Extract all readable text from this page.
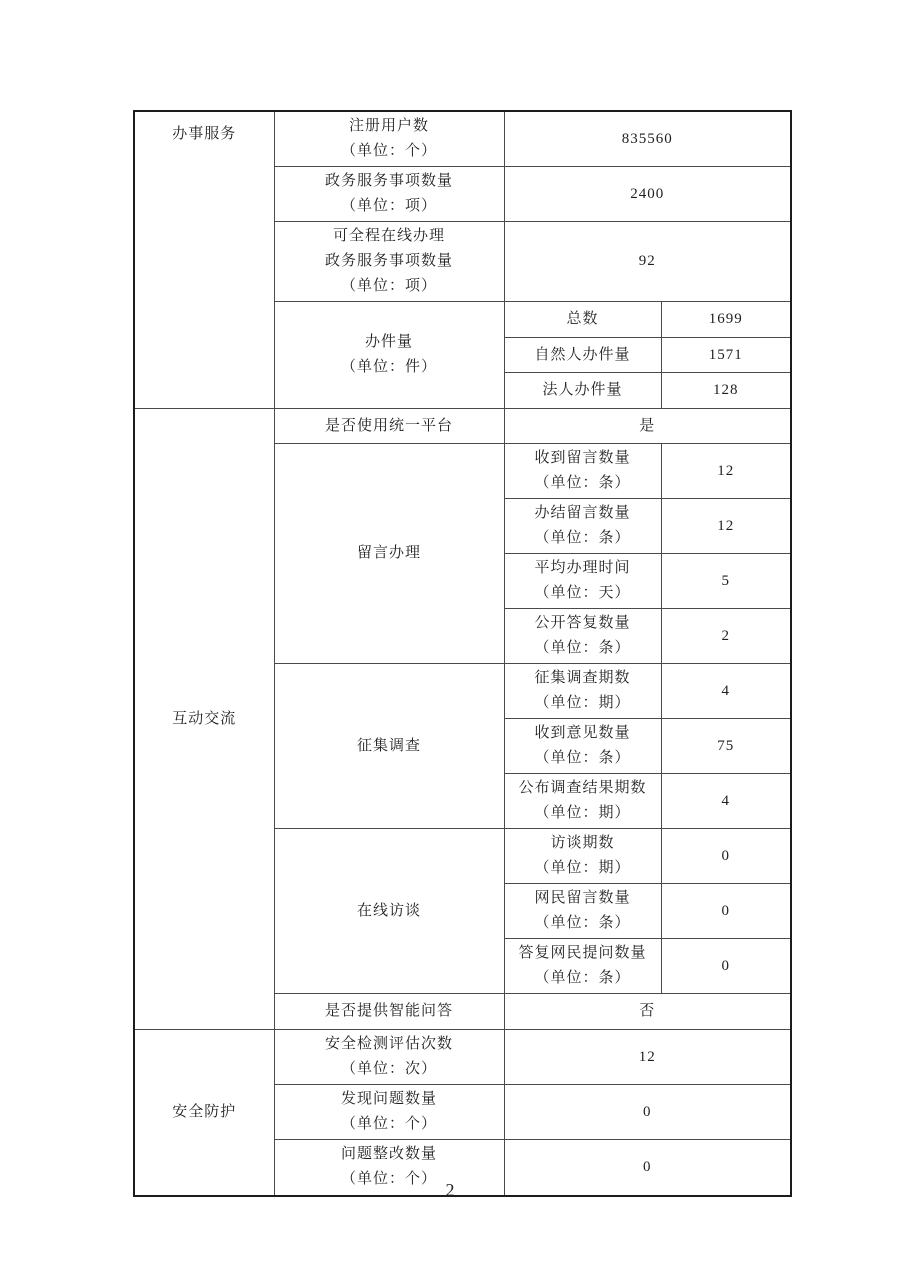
办事服务	注册用户数
（单位：个）	835560	

	政务服务事项数量
（单位：项）	2400	

	可全程在线办理
政务服务事项数量
（单位：项）	92	

	办件量
（单位：件）	总数	1699
		自然人办件量	1571
		法人办件量	128
互动交流	是否使用统一平台	是	
	留言办理	收到留言数量
（单位：条）	12

		办结留言数量
（单位：条）	12

		平均办理时间
（单位：天）	5

		公开答复数量
（单位：条）	2
	征集调查	征集调查期数
（单位：期）	4

		收到意见数量
（单位：条）	75

		公布调查结果期数
（单位：期）	4
	在线访谈	访谈期数
（单位：期）	0

		网民留言数量
（单位：条）	0

		答复网民提问数量
（单位：条）	0
	是否提供智能问答	否	
安全防护	安全检测评估次数
（单位：次）	12	

	发现问题数量
（单位：个）	0	

	问题整改数量
（单位：个）	0	
2
